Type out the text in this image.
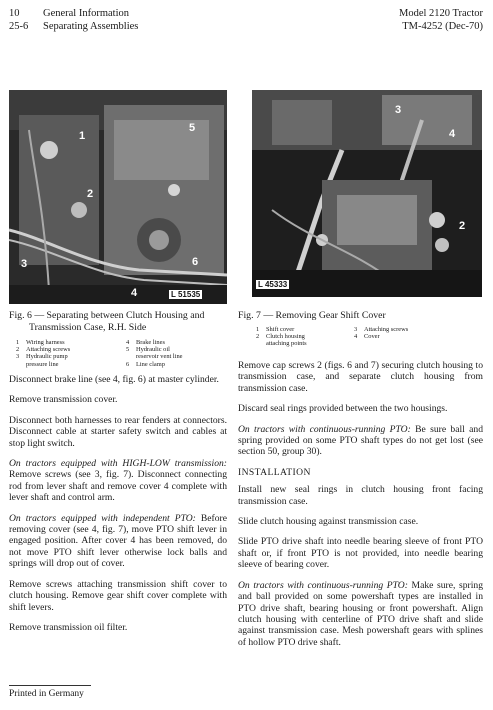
10 General Information
25-6 Separating Assemblies
Model 2120 Tractor
TM-4252 (Dec-70)
1
2
3
4
5
6
L 51535
3
4
2
L 45333
Fig. 6 — Separating between Clutch Housing and
Transmission Case, R.H. Side
1 Wiring harness
2 Attaching screws
3 Hydraulic pump
pressure line
4 Brake lines
5 Hydraulic oil
reservoir vent line
6 Line clamp
Fig. 7 — Removing Gear Shift Cover
1 Shift cover
2 Clutch housing
attaching points
3 Attaching screws
4 Cover

Disconnect brake line (see 4, fig. 6) at master cylinder.

Remove transmission cover.

Disconnect both harnesses to rear fenders at connectors. Disconnect cable at starter safety switch and cables at stop light switch.

On tractors equipped with HIGH-LOW transmission: Remove screws (see 3, fig. 7). Disconnect connecting rod from lever shaft and remove cover 4 complete with lever shaft and control arm.

On tractors equipped with independent PTO: Before removing cover (see 4, fig. 7), move PTO shift lever in engaged position. After cover 4 has been removed, do not move PTO shift lever otherwise lock balls and springs will drop out of cover.

Remove screws attaching transmission shift cover to clutch housing. Remove gear shift cover complete with shift levers.

Remove transmission oil filter.

Remove cap screws 2 (figs. 6 and 7) securing clutch housing to transmission case, and separate clutch housing from transmission case.

Discard seal rings provided between the two housings.

On tractors with continuous-running PTO: Be sure ball and spring provided on some PTO shaft types do not get lost (see section 50, group 30).

INSTALLATION

Install new seal rings in clutch housing front facing transmission case.

Slide clutch housing against transmission case.

Slide PTO drive shaft into needle bearing sleeve of front PTO shaft or, if front PTO is not provided, into needle bearing sleeve of bearing cover.

On tractors with continuous-running PTO: Make sure, spring and ball provided on some powershaft types are installed in PTO drive shaft, bearing housing or front powershaft. Align clutch housing with centerline of PTO drive shaft and slide against transmission case. Mesh powershaft gears with splines of hollow PTO drive shaft.

Printed in Germany
